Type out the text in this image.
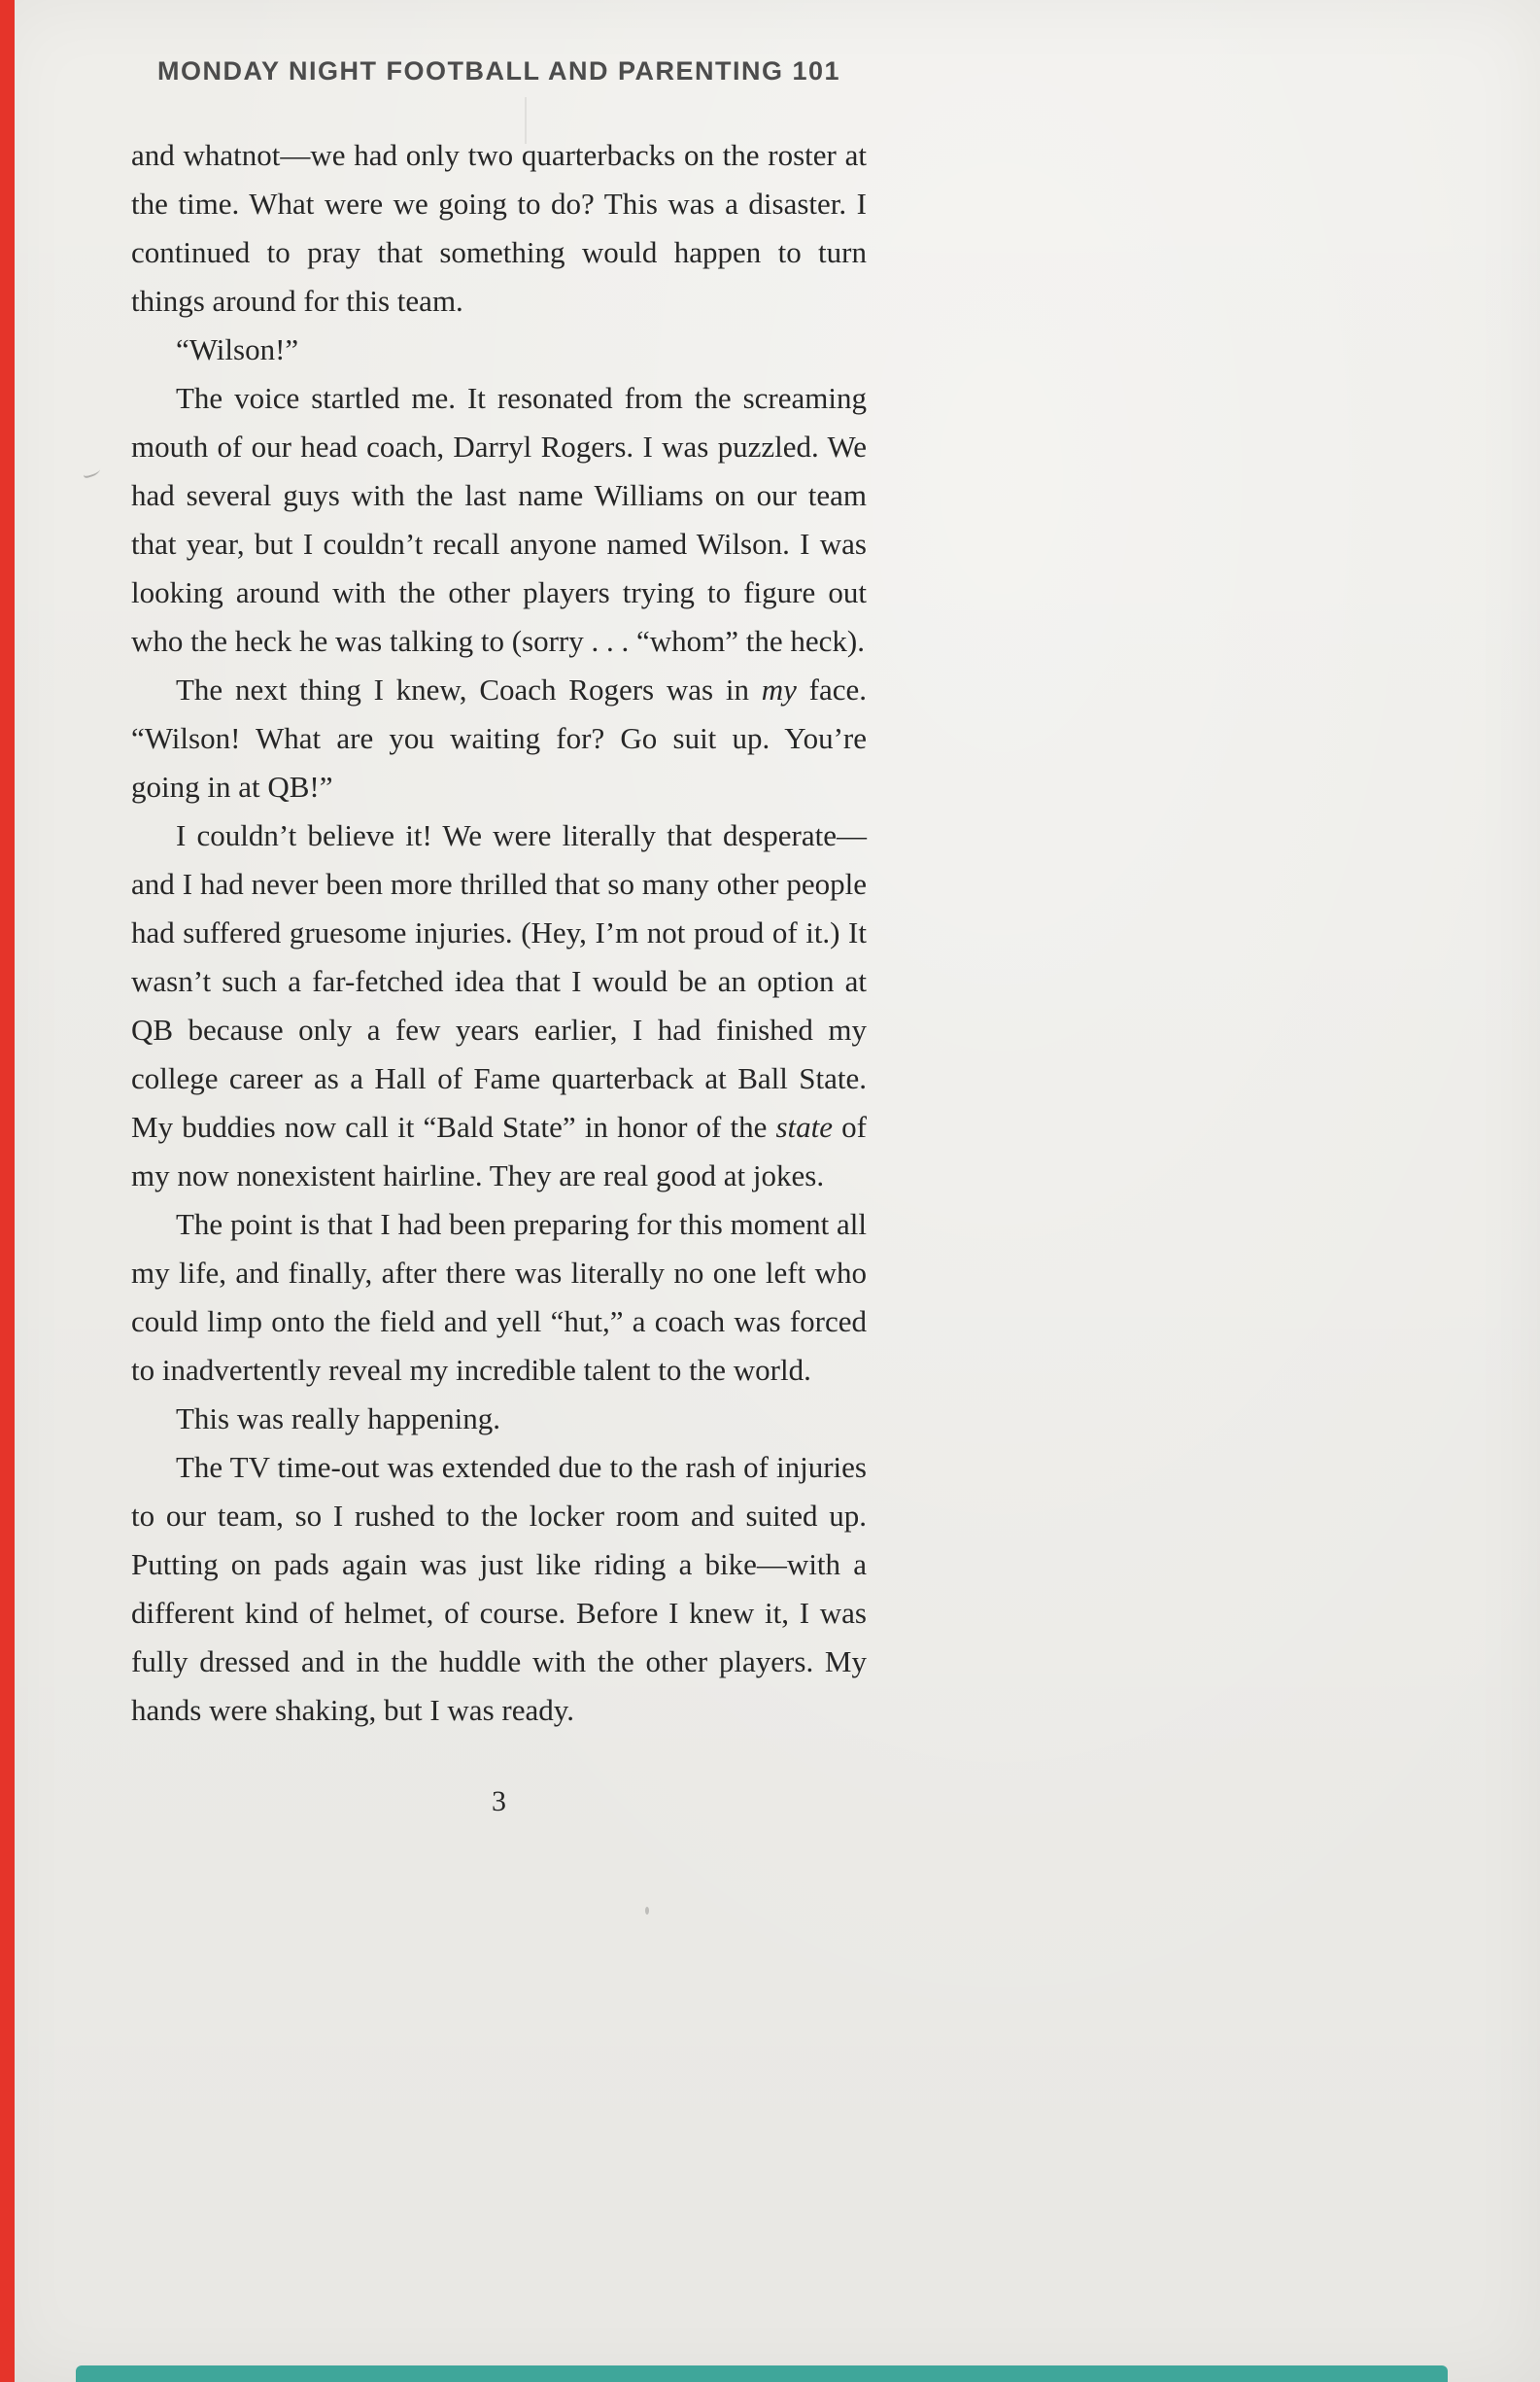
MONDAY NIGHT FOOTBALL AND PARENTING 101

and whatnot—we had only two quarterbacks on the roster at the time. What were we going to do? This was a disaster. I continued to pray that something would happen to turn things around for this team.

“Wilson!”

The voice startled me. It resonated from the screaming mouth of our head coach, Darryl Rogers. I was puzzled. We had several guys with the last name Williams on our team that year, but I couldn’t recall anyone named Wilson. I was looking around with the other players trying to figure out who the heck he was talking to (sorry . . . “whom” the heck).

The next thing I knew, Coach Rogers was in my face. “Wilson! What are you waiting for? Go suit up. You’re going in at QB!”

I couldn’t believe it! We were literally that desperate—and I had never been more thrilled that so many other people had suffered gruesome injuries. (Hey, I’m not proud of it.) It wasn’t such a far-fetched idea that I would be an option at QB because only a few years earlier, I had finished my college career as a Hall of Fame quarterback at Ball State. My buddies now call it “Bald State” in honor of the state of my now nonexistent hairline. They are real good at jokes.

The point is that I had been preparing for this moment all my life, and finally, after there was literally no one left who could limp onto the field and yell “hut,” a coach was forced to inadvertently reveal my incredible talent to the world.

This was really happening.

The TV time-out was extended due to the rash of injuries to our team, so I rushed to the locker room and suited up. Putting on pads again was just like riding a bike—with a different kind of helmet, of course. Before I knew it, I was fully dressed and in the huddle with the other players. My hands were shaking, but I was ready.

3
